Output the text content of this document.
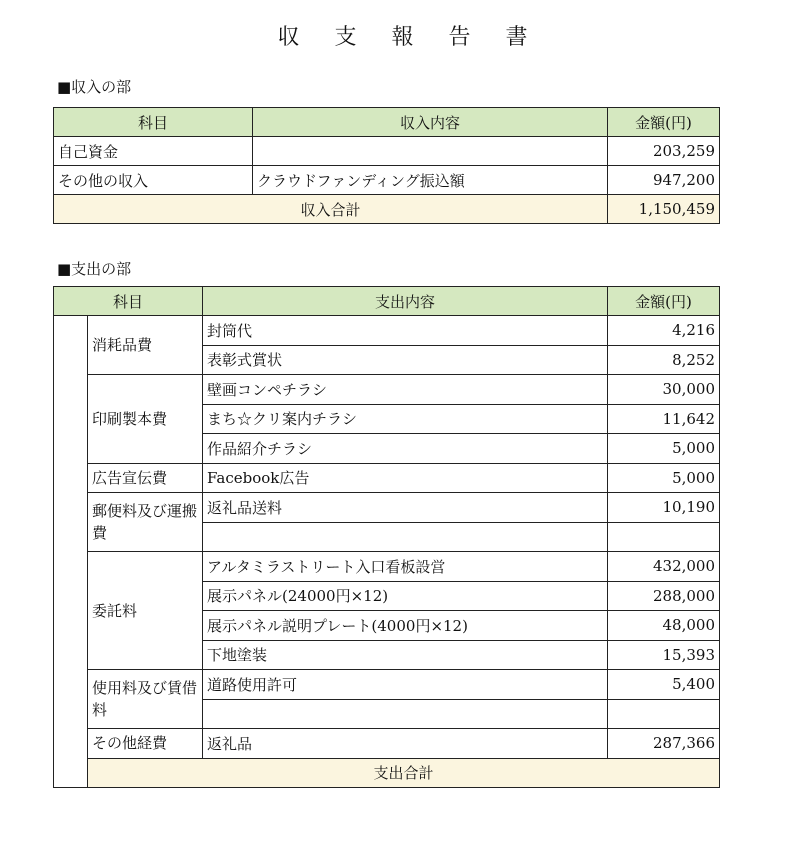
収 支 報 告 書
■収入の部
科目	収入内容	金額(円)
自己資金		203,259
その他の収入	クラウドファンディング振込額	947,200
収入合計		1,150,459
■支出の部
科目		支出内容	金額(円)	
	消耗品費	封筒代	4,216	
		表彰式賞状	8,252	
	印刷製本費	壁画コンペチラシ	30,000	
		まち☆クリ案内チラシ	11,642	
		作品紹介チラシ	5,000	
	広告宣伝費	Facebook広告	5,000	
	郵便料及び運搬費	返礼品送料	10,190	

	委託料	アルタミラストリート入口看板設営	432,000	
		展示パネル(24000円×12)	288,000	
		展示パネル説明プレート(4000円×12)	48,000	
		下地塗装	15,393	
	使用料及び賃借料	道路使用許可	5,400	

	その他経費	返礼品	287,366	
	支出合計	
